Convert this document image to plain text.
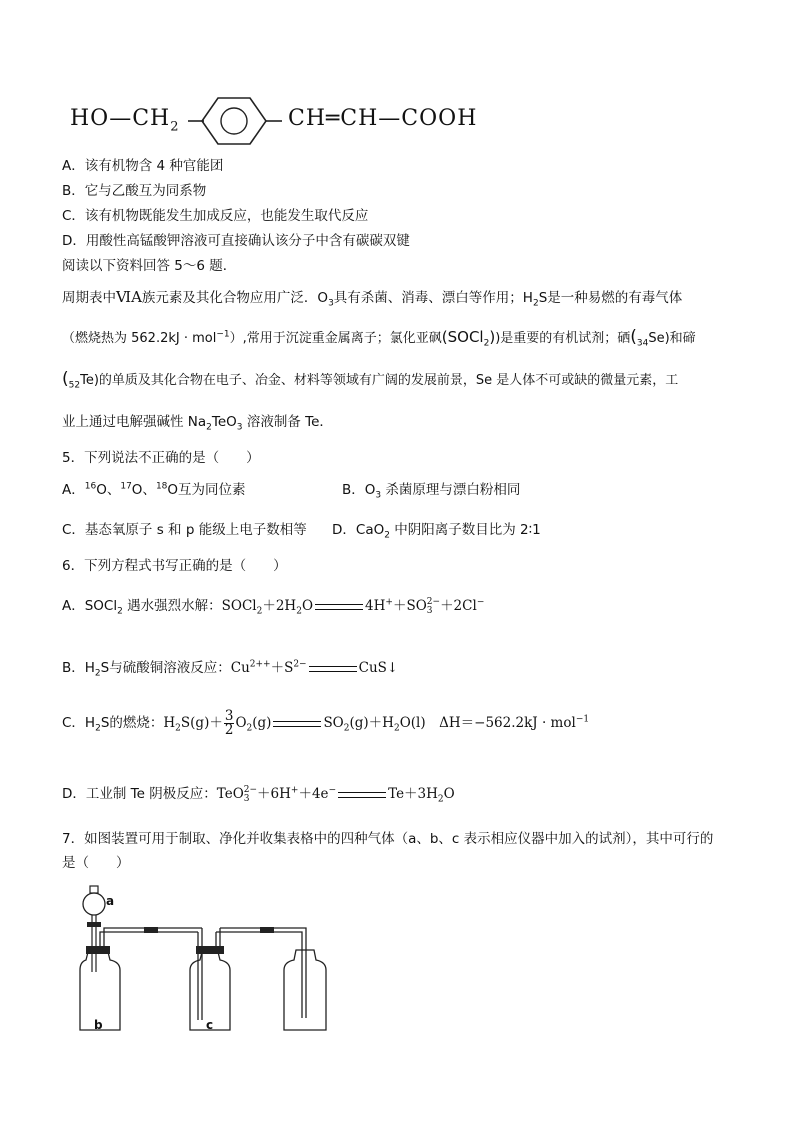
$HO—CH_2$	CH═CH—COOH
A．该有机物含 4 种官能团
B．它与乙酸互为同系物
C．该有机物既能发生加成反应，也能发生取代反应
D．用酸性高锰酸钾溶液可直接确认该分子中含有碳碳双键
阅读以下资料回答 5～6 题．
周期表中ⅥA族元素及其化合物应用广泛．$O_3$具有杀菌、消毒、漂白等作用；$H_2S$是一种易燃的有毒气体
（燃烧热为 562.2kJ · mol$^{-1}$）,常用于沉淀重金属离子；氯化亚砜(SOCl$_2$))是重要的有机试剂；硒$(_{34}Se)$和碲
$(_{52}Te)$的单质及其化合物在电子、冶金、材料等领域有广阔的发展前景，Se 是人体不可或缺的微量元素，工
业上通过电解强碱性 $Na_2TeO_3$ 溶液制备 Te．
5．下列说法不正确的是（　　）
A．$^{16}$O、$^{17}$O、$^{18}$O互为同位素	B．$O_3$ 杀菌原理与漂白粉相同
C．基态氧原子 s 和 p 能级上电子数相等 D．CaO$_2$ 中阴阳离子数目比为 2∶1
6．下列方程式书写正确的是（　　）
A．SOCl$_2$ 遇水强烈水解：$SOCl_2+2H_2O$	4H+＋SO 2−
3 ＋2Cl−
B．$H_2S$与硫酸铜溶液反应：$Cu^{2++}+S^{2-}$	CuS↓
C．$H_2S$的燃烧：$H_2S(g)+ \frac{3}{2} O_2(g)$	$SO_2(g)+H_2O(l)$　ΔH＝−562.2kJ · mol$^{-1}$
D．工业制 Te 阴极反应：TeO 2−
3 ＋6H+＋4e−	$Te+3H_2O$
7．如图装置可用于制取、净化并收集表格中的四种气体（a、b、c 表示相应仪器中加入的试剂），其中可行的
是（　　）
a
b	c
